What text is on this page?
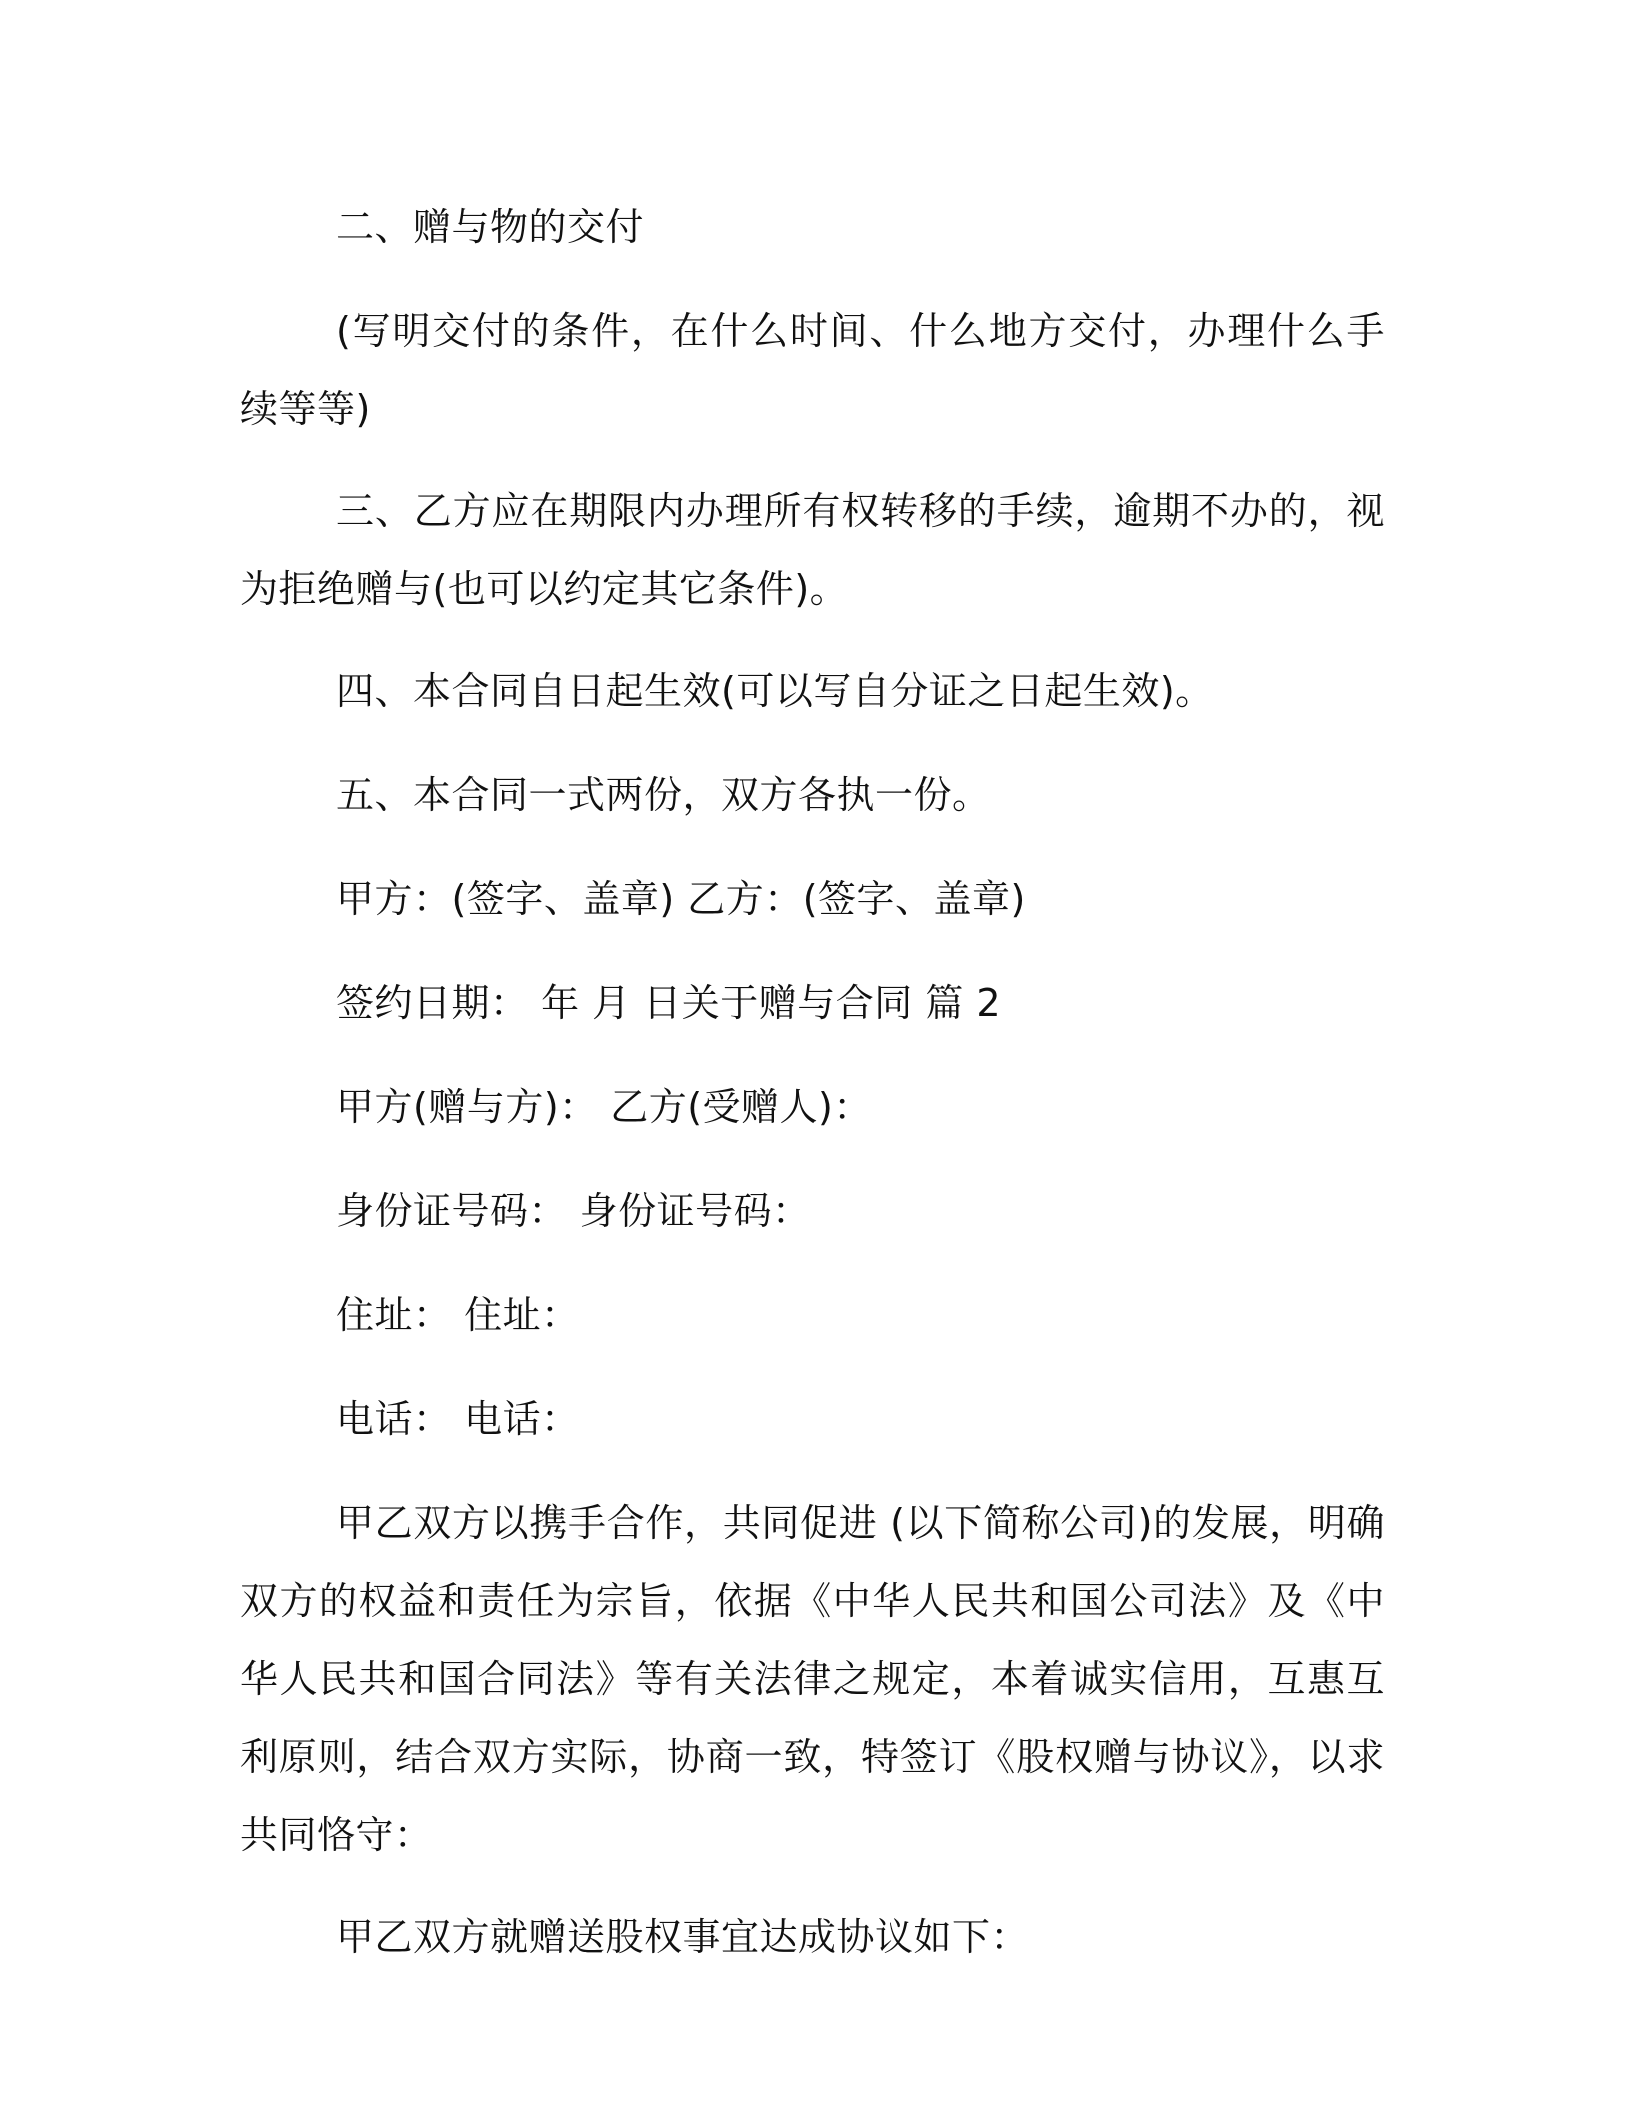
二、赠与物的交付

(写明交付的条件，在什么时间、什么地方交付，办理什么手续等等)

三、乙方应在期限内办理所有权转移的手续，逾期不办的，视为拒绝赠与(也可以约定其它条件)。

四、本合同自日起生效(可以写自分证之日起生效)。

五、本合同一式两份，双方各执一份。

甲方：(签字、盖章) 乙方：(签字、盖章)

签约日期： 年 月 日关于赠与合同 篇 2

甲方(赠与方)： 乙方(受赠人)：

身份证号码： 身份证号码：

住址： 住址：

电话： 电话：

甲乙双方以携手合作，共同促进 (以下简称公司)的发展，明确双方的权益和责任为宗旨，依据《中华人民共和国公司法》及《中华人民共和国合同法》等有关法律之规定，本着诚实信用，互惠互利原则，结合双方实际，协商一致，特签订《股权赠与协议》，以求共同恪守：

甲乙双方就赠送股权事宜达成协议如下：
